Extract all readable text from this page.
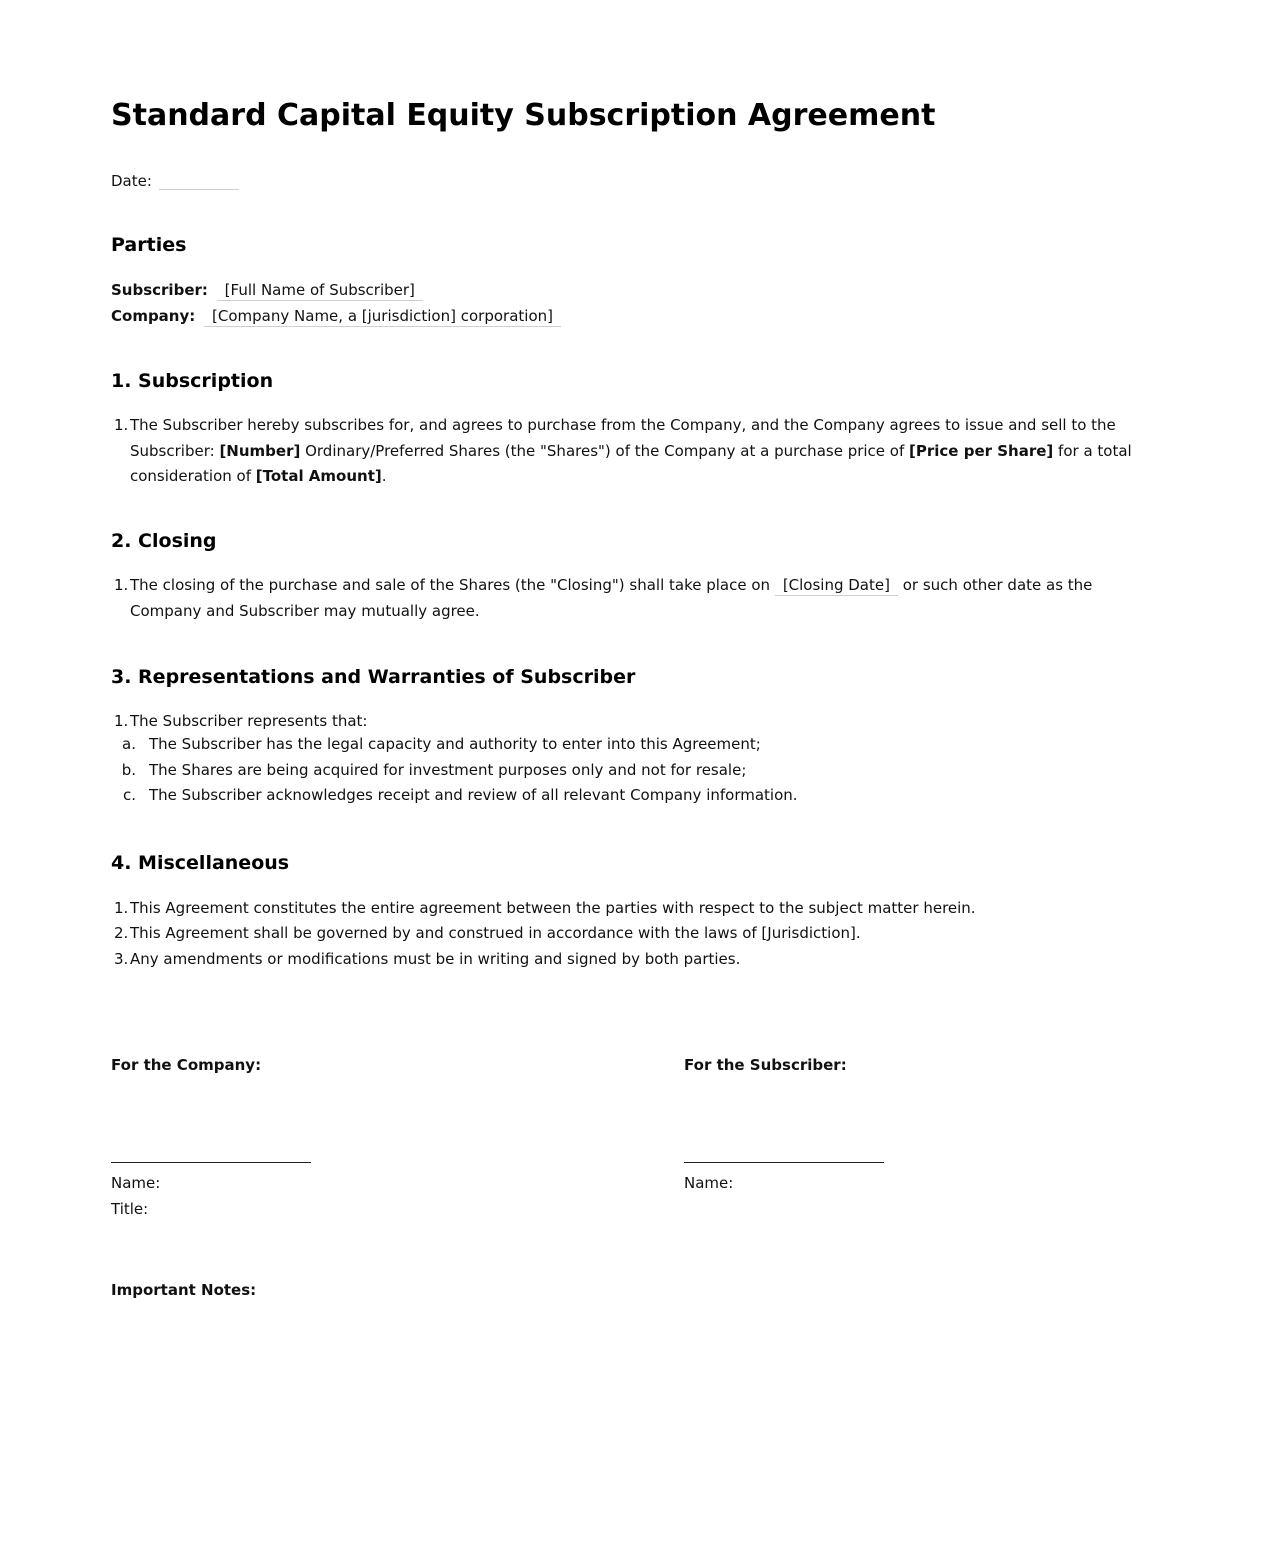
Standard Capital Equity Subscription Agreement
Date:
Parties
Subscriber: [Full Name of Subscriber]
Company: [Company Name, a [jurisdiction] corporation]
1. Subscription
1. The Subscriber hereby subscribes for, and agrees to purchase from the Company, and the Company agrees to issue and sell to the Subscriber: [Number] Ordinary/Preferred Shares (the "Shares") of the Company at a purchase price of [Price per Share] for a total consideration of [Total Amount].
2. Closing
1. The closing of the purchase and sale of the Shares (the "Closing") shall take place on [Closing Date] or such other date as the Company and Subscriber may mutually agree.
3. Representations and Warranties of Subscriber
1. The Subscriber represents that:
a. The Subscriber has the legal capacity and authority to enter into this Agreement;
b. The Shares are being acquired for investment purposes only and not for resale;
c. The Subscriber acknowledges receipt and review of all relevant Company information.
4. Miscellaneous
1. This Agreement constitutes the entire agreement between the parties with respect to the subject matter herein.
2. This Agreement shall be governed by and construed in accordance with the laws of [Jurisdiction].
3. Any amendments or modifications must be in writing and signed by both parties.
For the Company:	For the Subscriber:
Name:
Title:
Name:
Important Notes:
